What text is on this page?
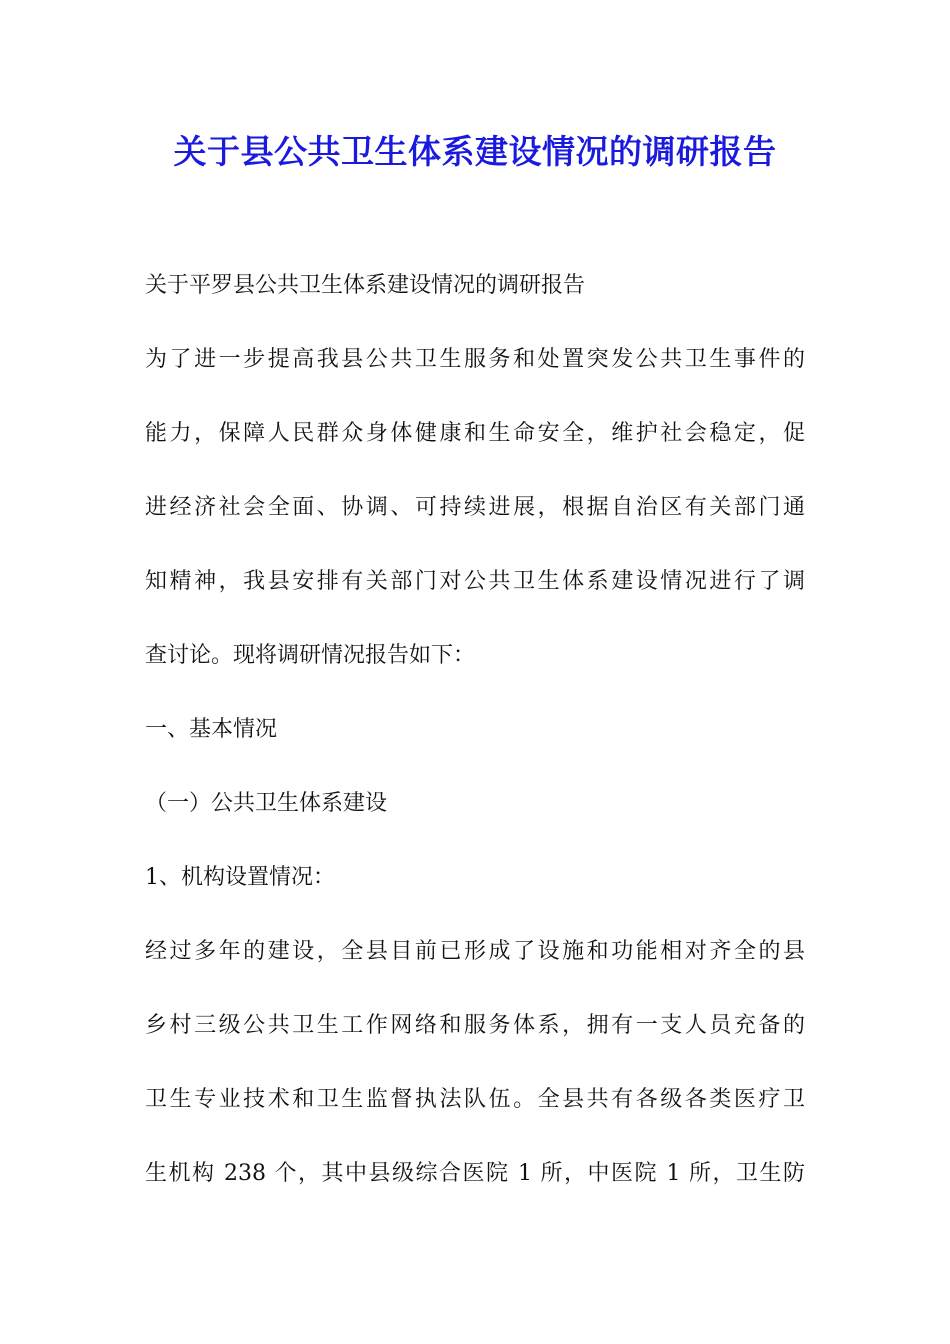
关于县公共卫生体系建设情况的调研报告
关于平罗县公共卫生体系建设情况的调研报告
为了进一步提高我县公共卫生服务和处置突发公共卫生事件的
能力，保障人民群众身体健康和生命安全，维护社会稳定，促
进经济社会全面、协调、可持续进展，根据自治区有关部门通
知精神，我县安排有关部门对公共卫生体系建设情况进行了调
查讨论。现将调研情况报告如下：
一、基本情况
（一）公共卫生体系建设
1、机构设置情况：
经过多年的建设，全县目前已形成了设施和功能相对齐全的县
乡村三级公共卫生工作网络和服务体系，拥有一支人员充备的
卫生专业技术和卫生监督执法队伍。全县共有各级各类医疗卫
生机构 238 个，其中县级综合医院 1 所，中医院 1 所，卫生防
